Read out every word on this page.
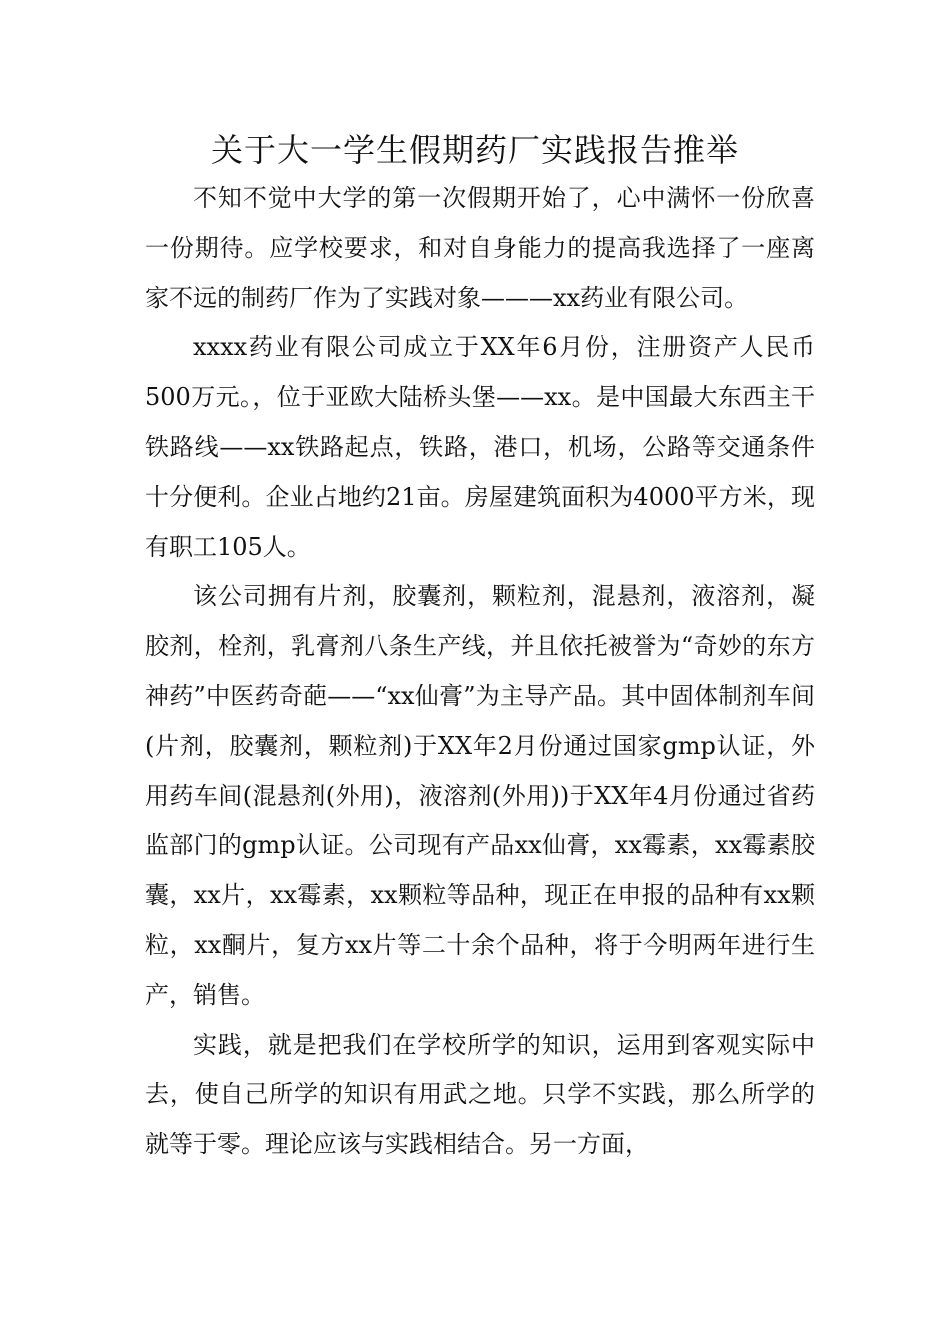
关于大一学生假期药厂实践报告推举

不知不觉中大学的第一次假期开始了，心中满怀一份欣喜一份期待。应学校要求，和对自身能力的提高我选择了一座离家不远的制药厂作为了实践对象———xx药业有限公司。

xxxx药业有限公司成立于XX年6月份，注册资产人民币500万元。，位于亚欧大陆桥头堡——xx。是中国最大东西主干铁路线——xx铁路起点，铁路，港口，机场，公路等交通条件十分便利。企业占地约21亩。房屋建筑面积为4000平方米，现有职工105人。

该公司拥有片剂，胶囊剂，颗粒剂，混悬剂，液溶剂，凝胶剂，栓剂，乳膏剂八条生产线，并且依托被誉为“奇妙的东方神药”中医药奇葩——“xx仙膏”为主导产品。其中固体制剂车间(片剂，胶囊剂，颗粒剂)于XX年2月份通过国家gmp认证，外用药车间(混悬剂(外用)，液溶剂(外用))于XX年4月份通过省药监部门的gmp认证。公司现有产品xx仙膏，xx霉素，xx霉素胶囊，xx片，xx霉素，xx颗粒等品种，现正在申报的品种有xx颗粒，xx酮片，复方xx片等二十余个品种，将于今明两年进行生产，销售。

实践，就是把我们在学校所学的知识，运用到客观实际中去，使自己所学的知识有用武之地。只学不实践，那么所学的就等于零。理论应该与实践相结合。另一方面，
